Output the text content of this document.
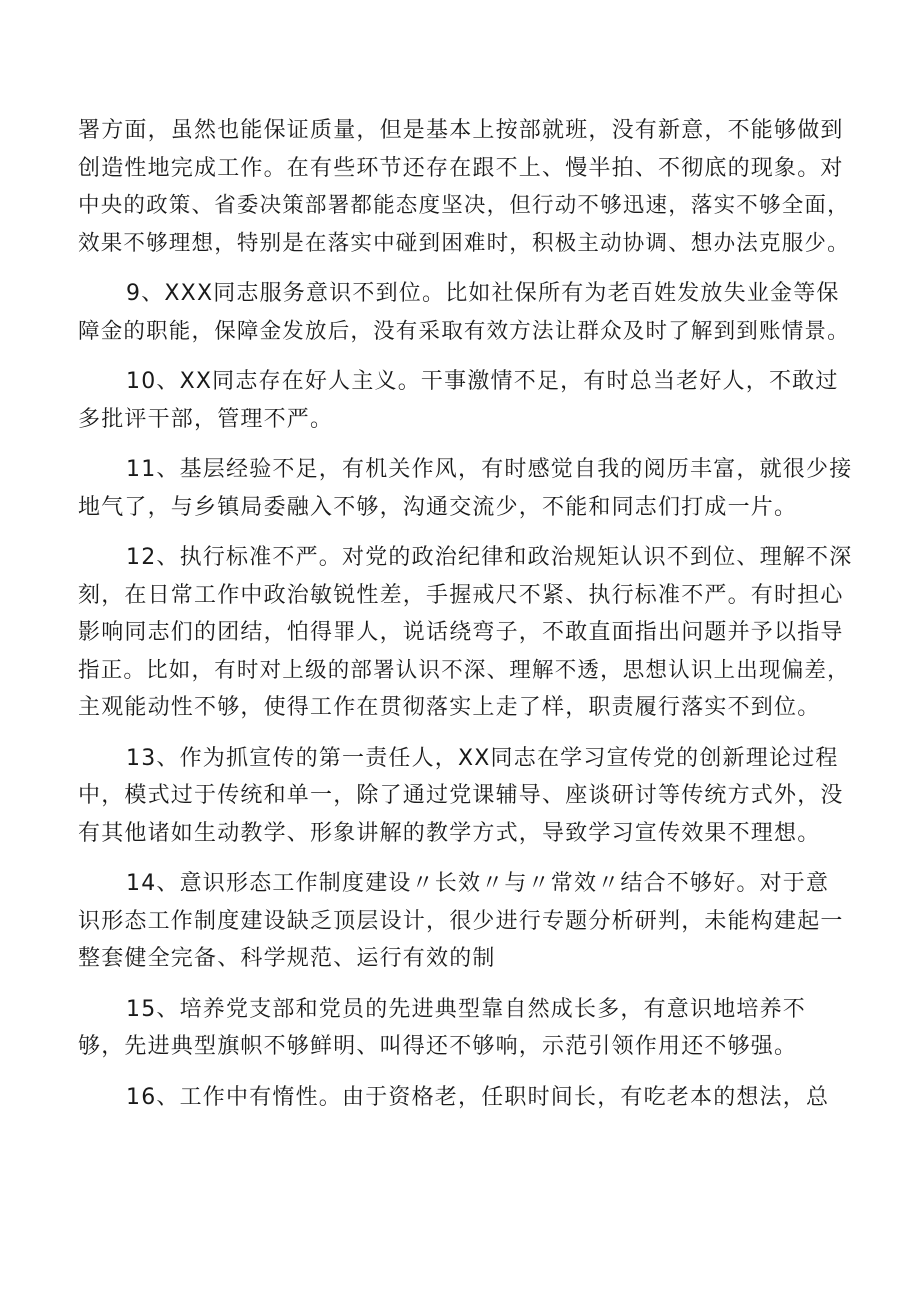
署方面，虽然也能保证质量，但是基本上按部就班，没有新意，不能够做到
创造性地完成工作。在有些环节还存在跟不上、慢半拍、不彻底的现象。对
中央的政策、省委决策部署都能态度坚决，但行动不够迅速，落实不够全面，
效果不够理想，特别是在落实中碰到困难时，积极主动协调、想办法克服少。

9、XXX同志服务意识不到位。比如社保所有为老百姓发放失业金等保
障金的职能，保障金发放后，没有采取有效方法让群众及时了解到到账情景。

10、XX同志存在好人主义。干事激情不足，有时总当老好人，不敢过
多批评干部，管理不严。

11、基层经验不足，有机关作风，有时感觉自我的阅历丰富，就很少接
地气了，与乡镇局委融入不够，沟通交流少，不能和同志们打成一片。

12、执行标准不严。对党的政治纪律和政治规矩认识不到位、理解不深
刻，在日常工作中政治敏锐性差，手握戒尺不紧、执行标准不严。有时担心
影响同志们的团结，怕得罪人，说话绕弯子，不敢直面指出问题并予以指导
指正。比如，有时对上级的部署认识不深、理解不透，思想认识上出现偏差，
主观能动性不够，使得工作在贯彻落实上走了样，职责履行落实不到位。

13、作为抓宣传的第一责任人，XX同志在学习宣传党的创新理论过程
中，模式过于传统和单一，除了通过党课辅导、座谈研讨等传统方式外，没
有其他诸如生动教学、形象讲解的教学方式，导致学习宣传效果不理想。

14、意识形态工作制度建设〃长效〃与〃常效〃结合不够好。对于意
识形态工作制度建设缺乏顶层设计，很少进行专题分析研判，未能构建起一
整套健全完备、科学规范、运行有效的制

15、培养党支部和党员的先进典型靠自然成长多，有意识地培养不
够，先进典型旗帜不够鲜明、叫得还不够响，示范引领作用还不够强。

16、工作中有惰性。由于资格老，任职时间长，有吃老本的想法，总
